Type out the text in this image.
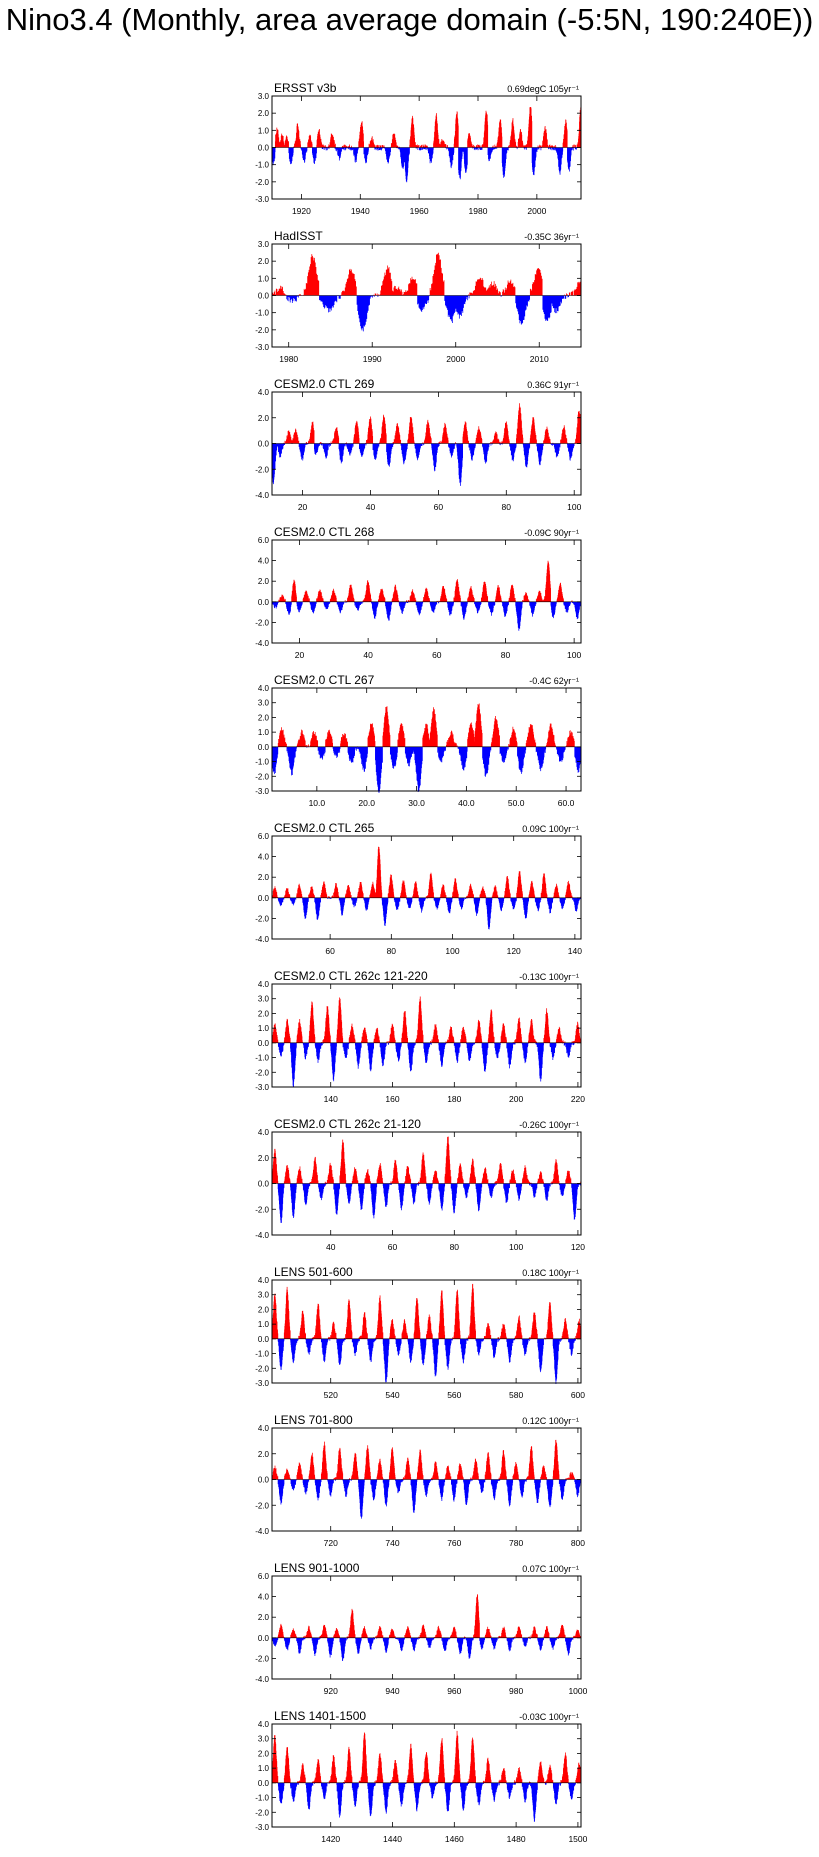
Nino3.4 (Monthly, area average domain (-5:5N, 190:240E))
ERSST v3b	0.69degC 105yr⁻¹
-3.0
-2.0
-1.0
0.0
1.0
2.0
3.0
1920	1940	1960	1980	2000
HadISST	-0.35C 36yr⁻¹
-3.0
-2.0
-1.0
0.0
1.0
2.0
3.0
1980	1990	2000	2010
CESM2.0 CTL 269	0.36C 91yr⁻¹
-4.0
-2.0
0.0
2.0
4.0
20	40	60	80	100
CESM2.0 CTL 268	-0.09C 90yr⁻¹
-4.0
-2.0
0.0
2.0
4.0
6.0
20	40	60	80	100
CESM2.0 CTL 267	-0.4C 62yr⁻¹
-3.0
-2.0
-1.0
0.0
1.0
2.0
3.0
4.0
10.0	20.0	30.0	40.0	50.0	60.0
CESM2.0 CTL 265	0.09C 100yr⁻¹
-4.0
-2.0
0.0
2.0
4.0
6.0
60	80	100	120	140
CESM2.0 CTL 262c 121-220	-0.13C 100yr⁻¹
-3.0
-2.0
-1.0
0.0
1.0
2.0
3.0
4.0
140	160	180	200	220
CESM2.0 CTL 262c 21-120	-0.26C 100yr⁻¹
-4.0
-2.0
0.0
2.0
4.0
40	60	80	100	120
LENS 501-600	0.18C 100yr⁻¹
-3.0
-2.0
-1.0
0.0
1.0
2.0
3.0
4.0
520	540	560	580	600
LENS 701-800	0.12C 100yr⁻¹
-4.0
-2.0
0.0
2.0
4.0
720	740	760	780	800
LENS 901-1000	0.07C 100yr⁻¹
-4.0
-2.0
0.0
2.0
4.0
6.0
920	940	960	980	1000
LENS 1401-1500	-0.03C 100yr⁻¹
-3.0
-2.0
-1.0
0.0
1.0
2.0
3.0
4.0
1420	1440	1460	1480	1500
